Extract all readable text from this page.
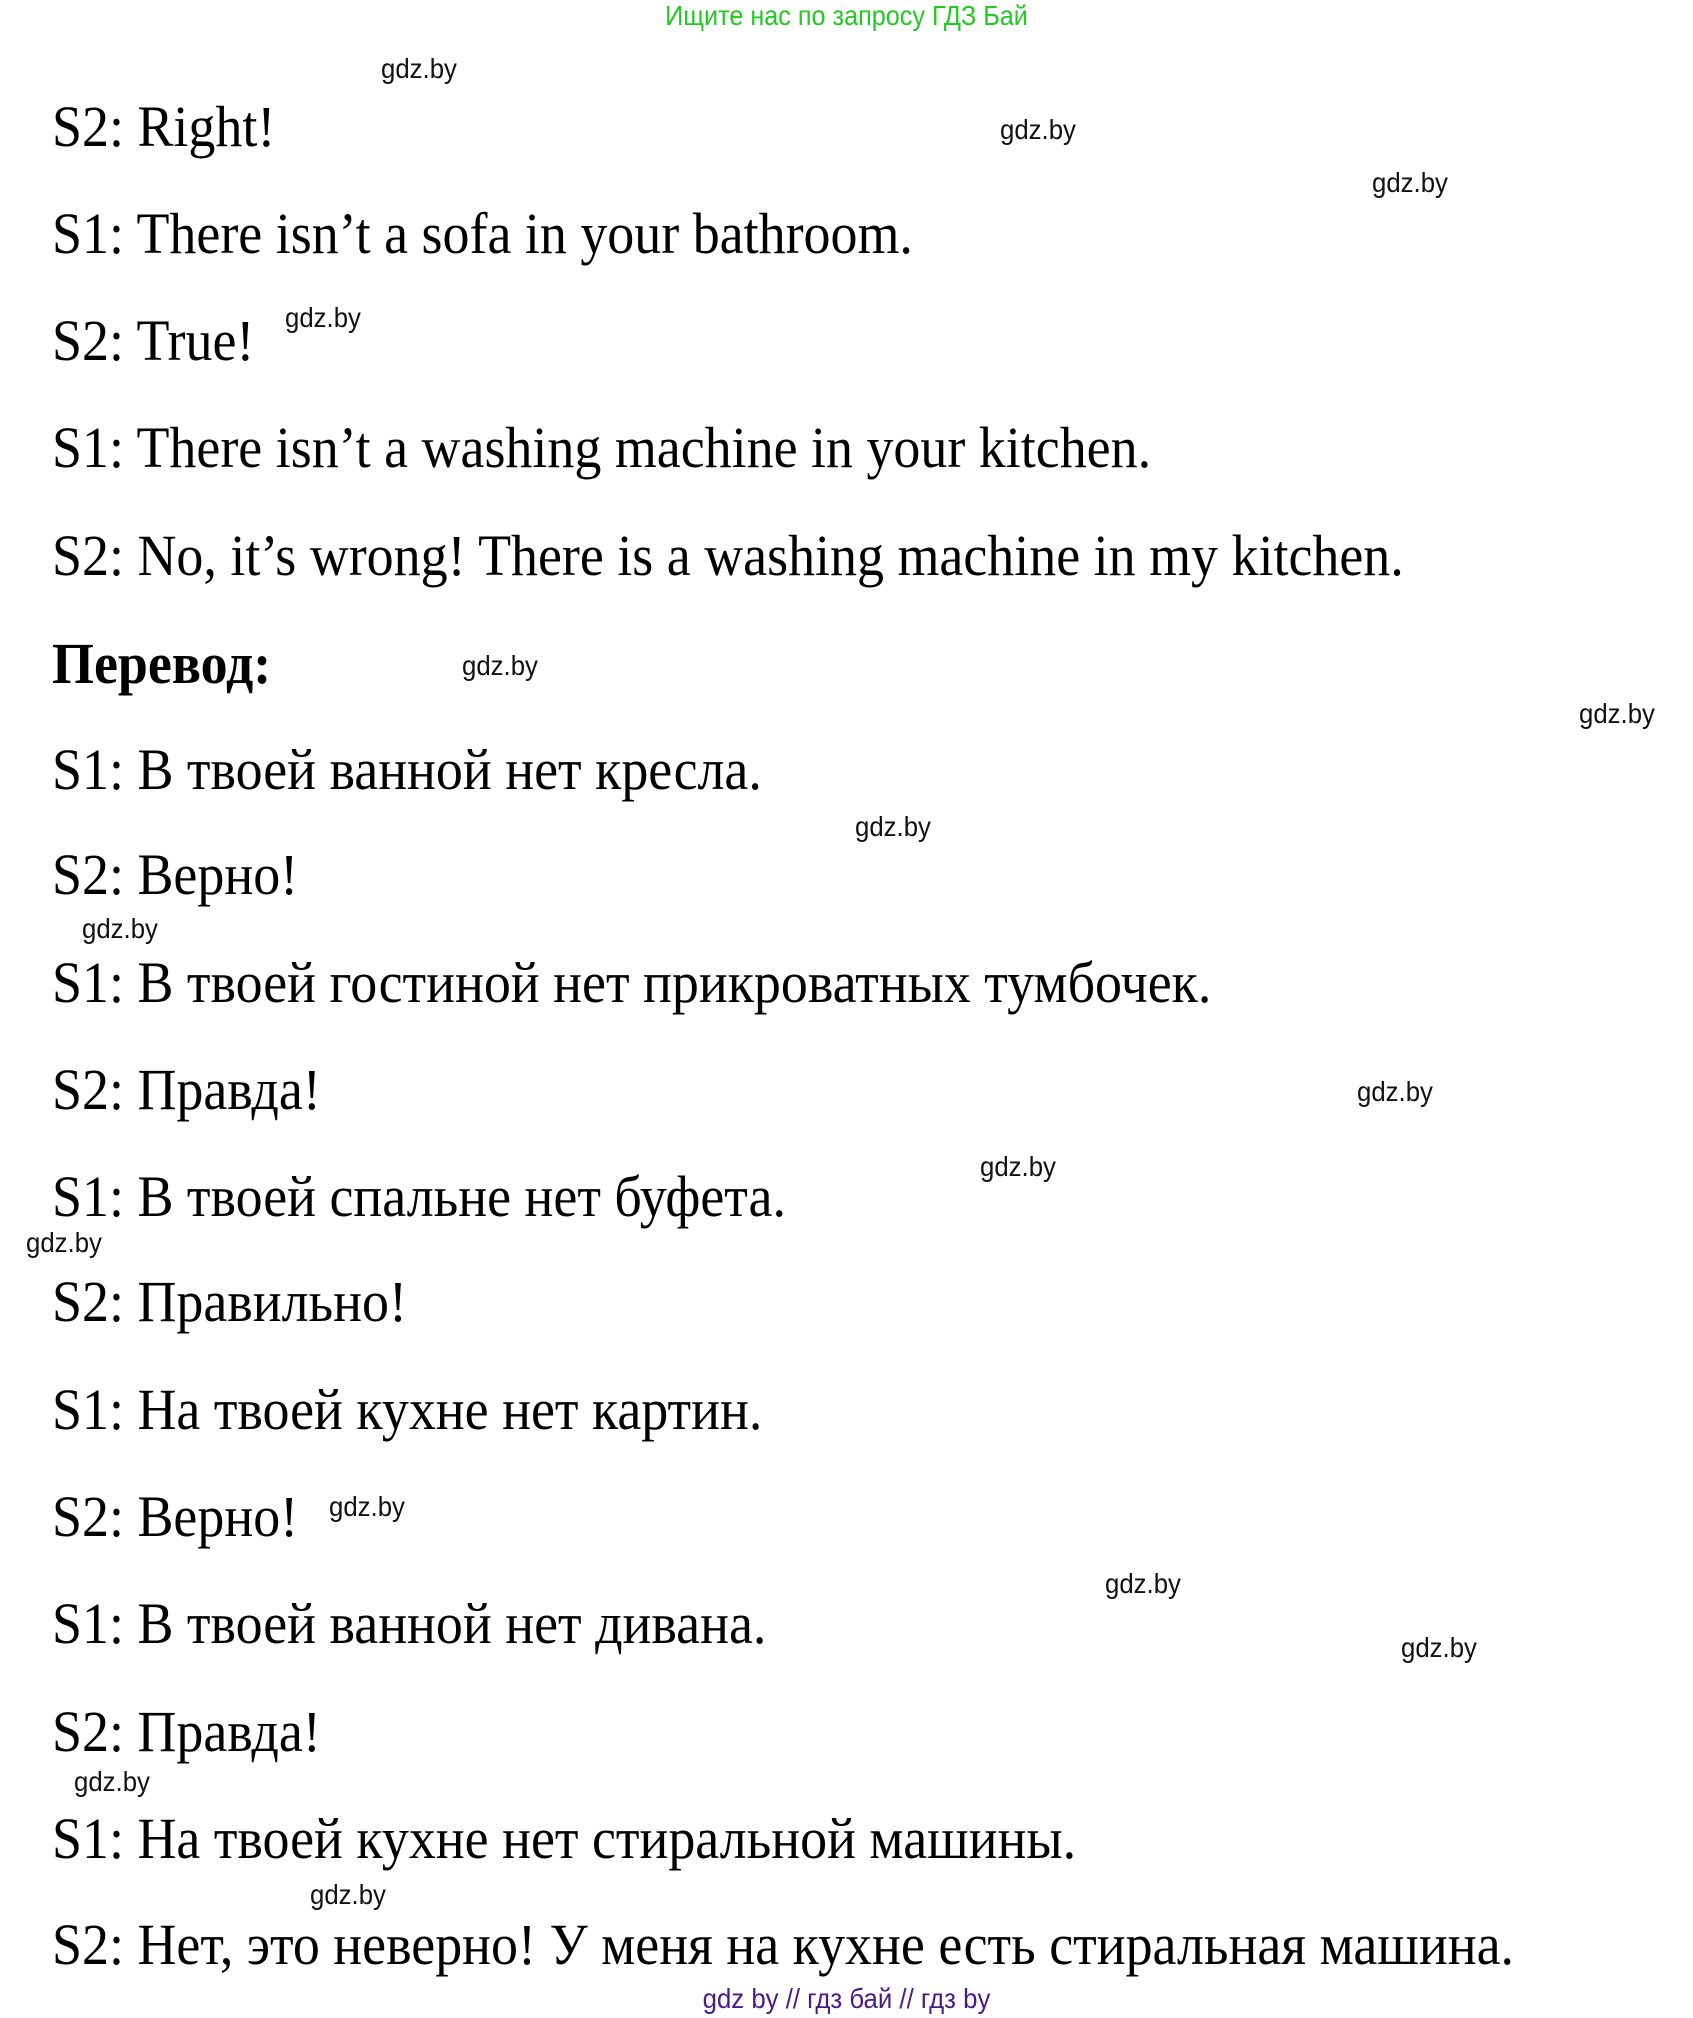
Ищите нас по запросу ГДЗ Бай
S2: Right!
S1: There isn’t a sofa in your bathroom.
S2: True!
S1: There isn’t a washing machine in your kitchen.
S2: No, it’s wrong! There is a washing machine in my kitchen.
Перевод:
S1: В твоей ванной нет кресла.
S2: Верно!
S1: В твоей гостиной нет прикроватных тумбочек.
S2: Правда!
S1: В твоей спальне нет буфета.
S2: Правильно!
S1: На твоей кухне нет картин.
S2: Верно!
S1: В твоей ванной нет дивана.
S2: Правда!
S1: На твоей кухне нет стиральной машины.
S2: Нет, это неверно! У меня на кухне есть стиральная машина.
gdz.by
gdz.by
gdz.by
gdz.by
gdz.by
gdz.by
gdz.by
gdz.by
gdz.by
gdz.by
gdz.by
gdz.by
gdz.by
gdz.by
gdz.by
gdz.by
gdz by // гдз бай // гдз by
